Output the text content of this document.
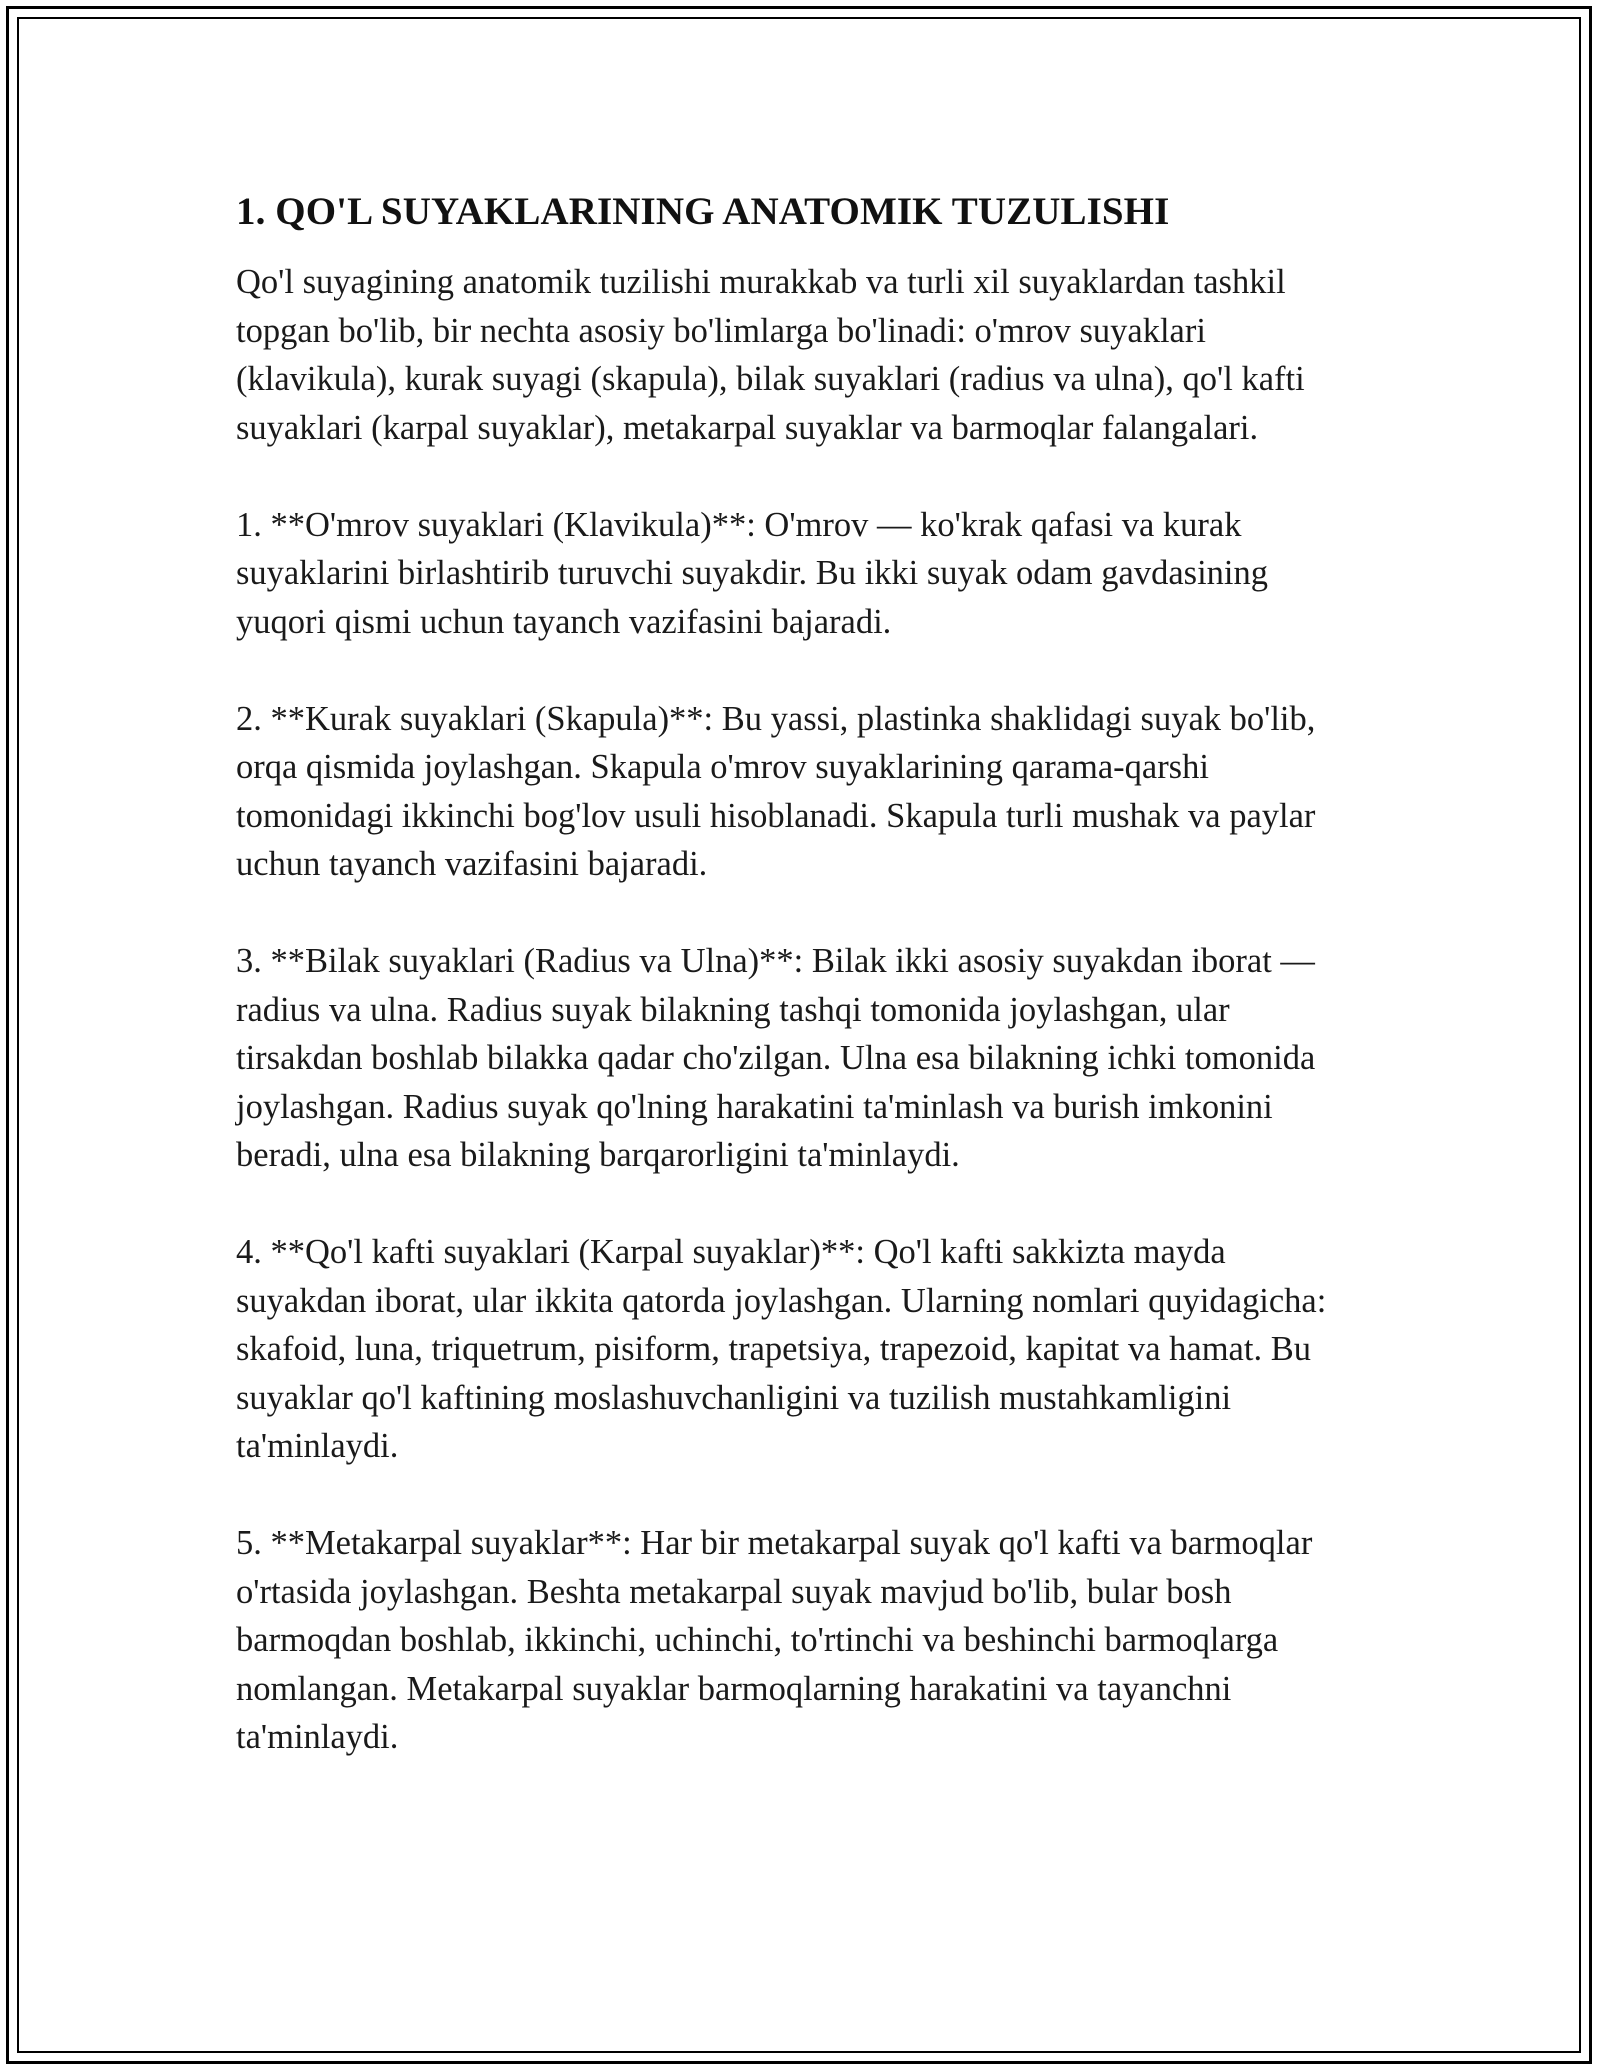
1. QO'L SUYAKLARINING ANATOMIK TUZULISHI

Qo'l suyagining anatomik tuzilishi murakkab va turli xil suyaklardan tashkil topgan bo'lib, bir nechta asosiy bo'limlarga bo'linadi: o'mrov suyaklari (klavikula), kurak suyagi (skapula), bilak suyaklari (radius va ulna), qo'l kafti suyaklari (karpal suyaklar), metakarpal suyaklar va barmoqlar falangalari.

1. **O'mrov suyaklari (Klavikula)**: O'mrov — ko'krak qafasi va kurak suyaklarini birlashtirib turuvchi suyakdir. Bu ikki suyak odam gavdasining yuqori qismi uchun tayanch vazifasini bajaradi.

2. **Kurak suyaklari (Skapula)**: Bu yassi, plastinka shaklidagi suyak bo'lib, orqa qismida joylashgan. Skapula o'mrov suyaklarining qarama-qarshi tomonidagi ikkinchi bog'lov usuli hisoblanadi. Skapula turli mushak va paylar uchun tayanch vazifasini bajaradi.

3. **Bilak suyaklari (Radius va Ulna)**: Bilak ikki asosiy suyakdan iborat — radius va ulna. Radius suyak bilakning tashqi tomonida joylashgan, ular tirsakdan boshlab bilakka qadar cho'zilgan. Ulna esa bilakning ichki tomonida joylashgan. Radius suyak qo'lning harakatini ta'minlash va burish imkonini beradi, ulna esa bilakning barqarorligini ta'minlaydi.

4. **Qo'l kafti suyaklari (Karpal suyaklar)**: Qo'l kafti sakkizta mayda suyakdan iborat, ular ikkita qatorda joylashgan. Ularning nomlari quyidagicha: skafoid, luna, triquetrum, pisiform, trapetsiya, trapezoid, kapitat va hamat. Bu suyaklar qo'l kaftining moslashuvchanligini va tuzilish mustahkamligini ta'minlaydi.

5. **Metakarpal suyaklar**: Har bir metakarpal suyak qo'l kafti va barmoqlar o'rtasida joylashgan. Beshta metakarpal suyak mavjud bo'lib, bular bosh barmoqdan boshlab, ikkinchi, uchinchi, to'rtinchi va beshinchi barmoqlarga nomlangan. Metakarpal suyaklar barmoqlarning harakatini va tayanchni ta'minlaydi.
